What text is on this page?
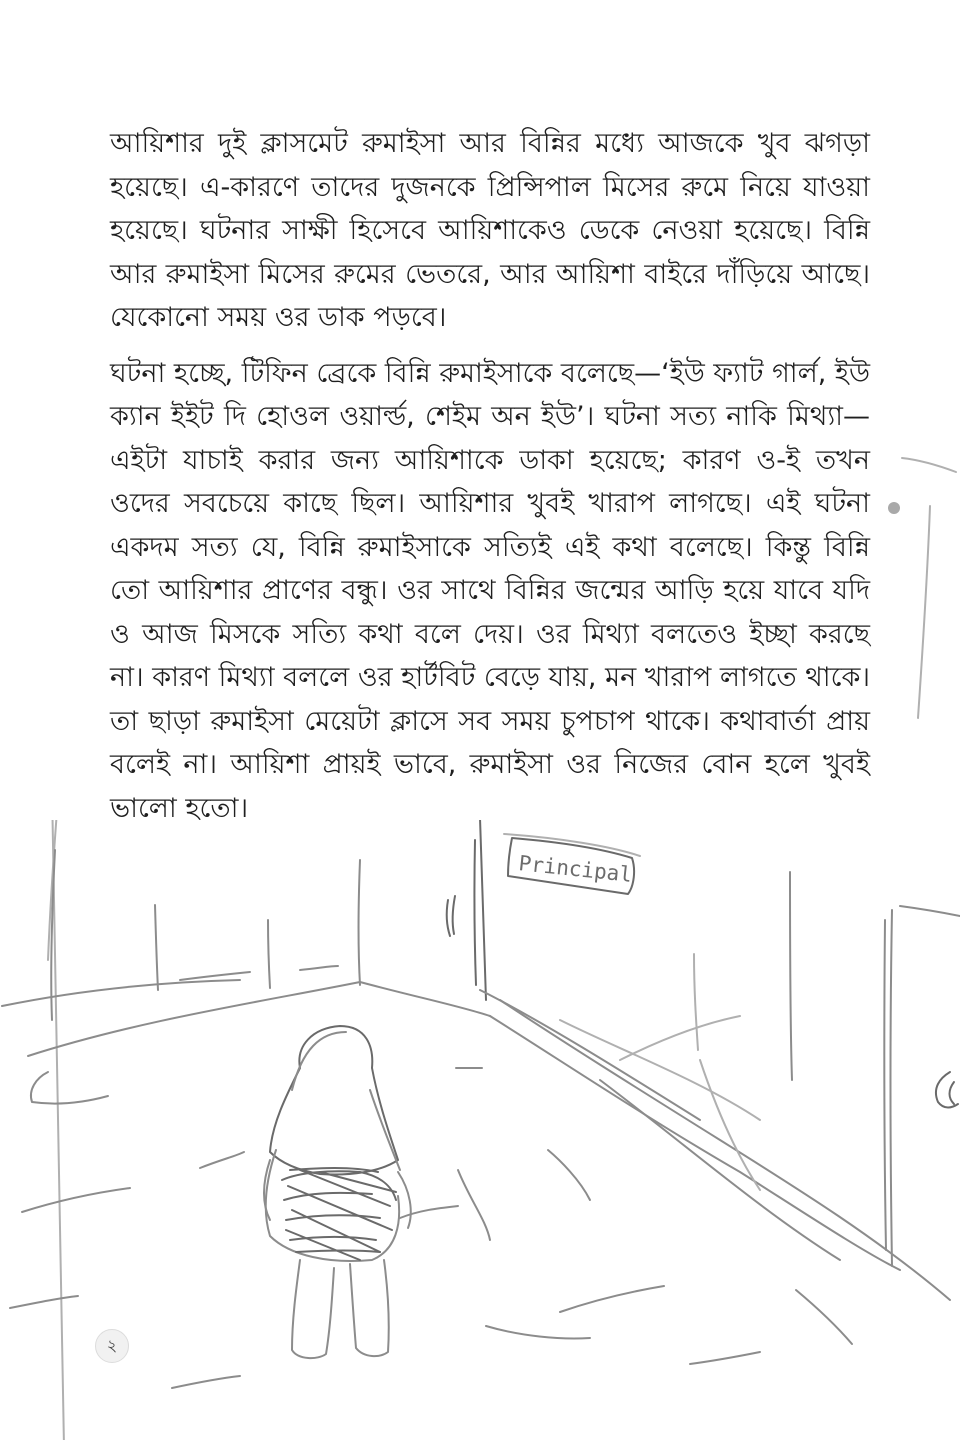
আয়িশার দুই ক্লাসমেট রুমাইসা আর বিন্নির মধ্যে আজকে খুব ঝগড়া হয়েছে। এ-কারণে তাদের দুজনকে প্রিন্সিপাল মিসের রুমে নিয়ে যাওয়া হয়েছে। ঘটনার সাক্ষী হিসেবে আয়িশাকেও ডেকে নেওয়া হয়েছে। বিন্নি আর রুমাইসা মিসের রুমের ভেতরে, আর আয়িশা বাইরে দাঁড়িয়ে আছে। যেকোনো সময় ওর ডাক পড়বে।

ঘটনা হচ্ছে, টিফিন ব্রেকে বিন্নি রুমাইসাকে বলেছে—‘ইউ ফ্যাট গার্ল, ইউ ক্যান ইইট দি হোওল ওয়ার্ল্ড, শেইম অন ইউ’। ঘটনা সত্য নাকি মিথ্যা—এইটা যাচাই করার জন্য আয়িশাকে ডাকা হয়েছে; কারণ ও-ই তখন ওদের সবচেয়ে কাছে ছিল। আয়িশার খুবই খারাপ লাগছে। এই ঘটনা একদম সত্য যে, বিন্নি রুমাইসাকে সত্যিই এই কথা বলেছে। কিন্তু বিন্নি তো আয়িশার প্রাণের বন্ধু। ওর সাথে বিন্নির জন্মের আড়ি হয়ে যাবে যদি ও আজ মিসকে সত্যি কথা বলে দেয়। ওর মিথ্যা বলতেও ইচ্ছা করছে না। কারণ মিথ্যা বললে ওর হার্টবিট বেড়ে যায়, মন খারাপ লাগতে থাকে। তা ছাড়া রুমাইসা মেয়েটা ক্লাসে সব সময় চুপচাপ থাকে। কথাবার্তা প্রায় বলেই না। আয়িশা প্রায়ই ভাবে, রুমাইসা ওর নিজের বোন হলে খুবই ভালো হতো।

Principal
২
